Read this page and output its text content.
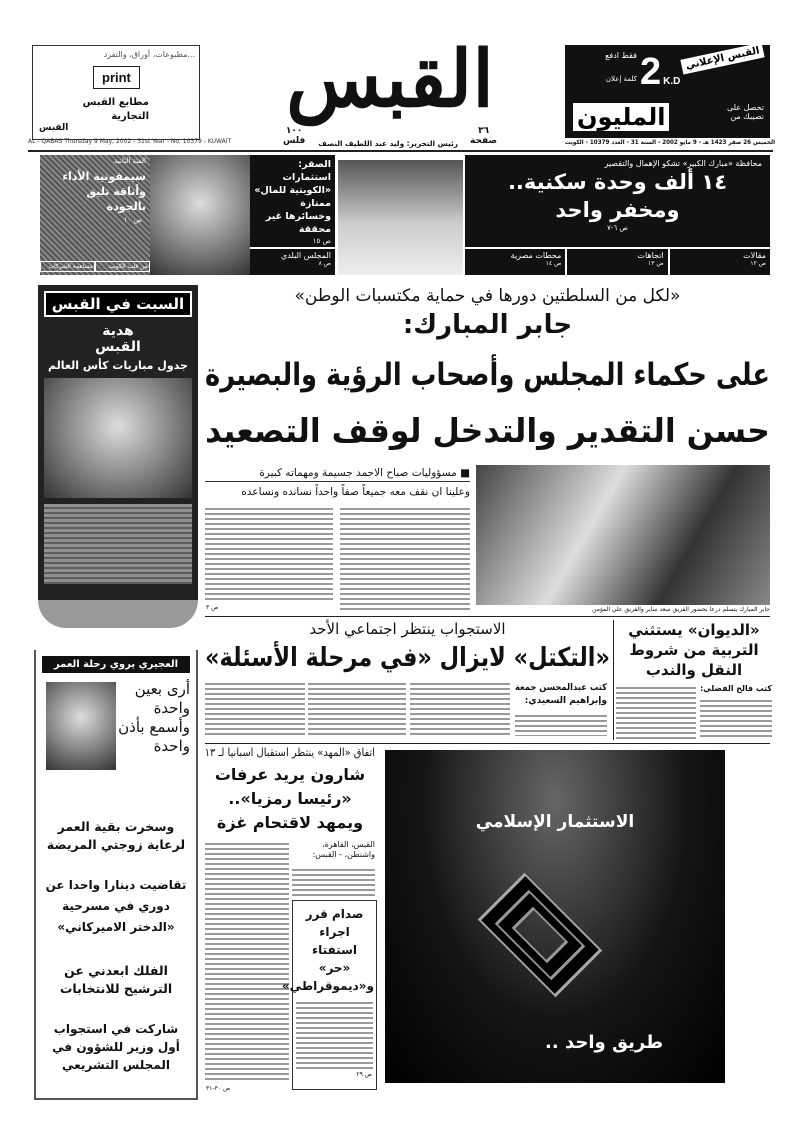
...مطبوعات، أوراق، والتفرد
print
مطابع القبس
التجارية
القبس
القبس	القبس الإعلاني
2 K.D
فقط ادفع
كلمة إعلان
المليون	تحصل على نصيبك من
AL - QABAS Thursday 9 May, 2002 - 31st Year - No. 10379 - KUWAIT
١٠٠
فلس رئيس التحرير: وليد عبد اللطيف النصف
٣٦
صفحة	الخميس 26 صفر 1423 هـ - 9 مايو 2002 - السنة 31 - العدد 10379 - الكويت
الفئة الثانية
سيمفونية الأداء وأناقة تليق بالجودة
ص ١٠
من قلب الكويت
مساهمة الشركات
الصقر: استثمارات «الكويتية للمال» ممتازة وخسائرها غير محققة
ص ١٥
المجلس البلدي
ص ٨
محافظة «مبارك الكبير» تشكو الإهمال والتقصير
١٤ ألف وحدة سكنية.. ومخفر واحد
ص ٦-٧
مقالات
ص ١٢
اتجاهات
ص ١٣
محطات مصرية
ص ١٤
السبت في القبس
هدية
القبس
جدول مباريات كأس العالم
العجيري يروي رحلة العمر
أرى بعين واحدة وأسمع بأذن واحدة
وسخرت بقية العمر لرعاية زوجتي المريضة
تقاضيت دينارا واحدا عن دوري في مسرحية «الدختر الاميركاني»
الفلك ابعدني عن الترشيح للانتخابات
شاركت في استجواب أول وزير للشؤون في المجلس التشريعي
«لكل من السلطتين دورها في حماية مكتسبات الوطن»
جابر المبارك:
على حكماء المجلس وأصحاب الرؤية والبصيرة
حسن التقدير والتدخل لوقف التصعيد
■ مسؤوليات صباح الاحمد جسيمة ومهماته كبيرة
وعلينا ان نقف معه جميعاً صفاً واحداً نسانده ونساعده
ص ٣	جابر المبارك يتسلم درعا بحضور الفريق سعد ساير والفريق علي المؤمن
الاستجواب ينتظر اجتماعي الأحد
«التكتل» لايزال «في مرحلة الأسئلة»
كتب عبدالمحسن جمعة
وإبراهيم السعيدي:
«الديوان» يستثني التربية من شروط النقل والندب
كتب فالح الفضلي:
اتفاق «المهد» ينتظر استقبال اسبانيا لـ ١٣
شارون يريد عرفات «رئيسا رمزيا».. ويمهد لاقتحام غزة
القبس، القاهرة، واشنطن، - القبس:
ص ٣٠-٣١
صدام قرر اجراء استفتاء «حر» و«ديموقراطي»
ص ٢٩
الاستثمار الإسلامي
طريق واحد ..
